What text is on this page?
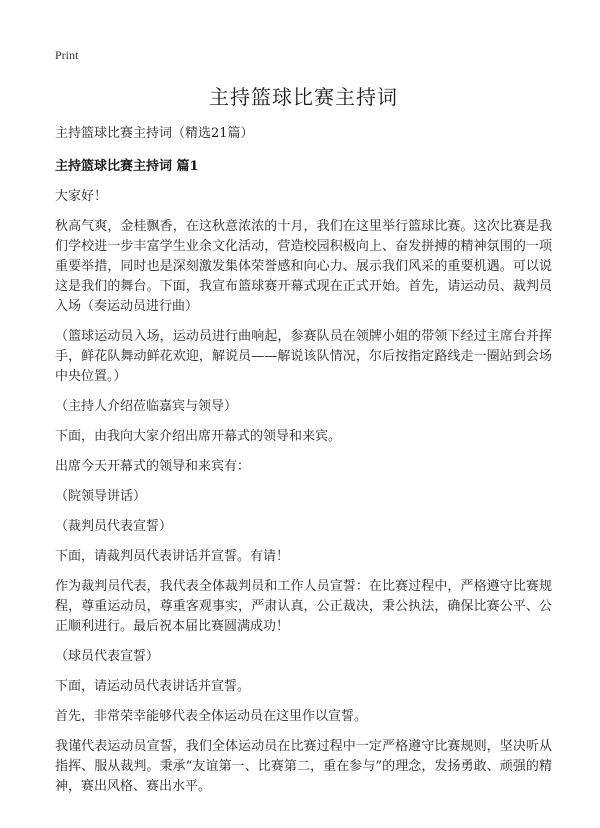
Print
主持篮球比赛主持词

主持篮球比赛主持词（精选21篇）

主持篮球比赛主持词 篇1

大家好！

秋高气爽，金桂飘香，在这秋意浓浓的十月，我们在这里举行篮球比赛。这次比赛是我们学校进一步丰富学生业余文化活动，营造校园积极向上、奋发拼搏的精神氛围的一项重要举措，同时也是深刻激发集体荣誉感和向心力、展示我们风采的重要机遇。可以说这是我们的舞台。下面，我宣布篮球赛开幕式现在正式开始。首先，请运动员、裁判员入场（奏运动员进行曲）

（篮球运动员入场，运动员进行曲响起，参赛队员在领牌小姐的带领下经过主席台并挥手，鲜花队舞动鲜花欢迎，解说员——解说该队情况，尔后按指定路线走一圈站到会场中央位置。）

（主持人介绍莅临嘉宾与领导）

下面，由我向大家介绍出席开幕式的领导和来宾。

出席今天开幕式的领导和来宾有：

（院领导讲话）

（裁判员代表宣誓）

下面，请裁判员代表讲话并宣誓。有请！

作为裁判员代表，我代表全体裁判员和工作人员宣誓：在比赛过程中，严格遵守比赛规程，尊重运动员，尊重客观事实，严肃认真，公正裁决，秉公执法，确保比赛公平、公正顺利进行。最后祝本届比赛圆满成功！

（球员代表宣誓）

下面，请运动员代表讲话并宣誓。

首先，非常荣幸能够代表全体运动员在这里作以宣誓。

我谨代表运动员宣誓，我们全体运动员在比赛过程中一定严格遵守比赛规则，坚决听从指挥、服从裁判。秉承“友谊第一、比赛第二，重在参与”的理念，发扬勇敢、顽强的精神，赛出风格、赛出水平。
